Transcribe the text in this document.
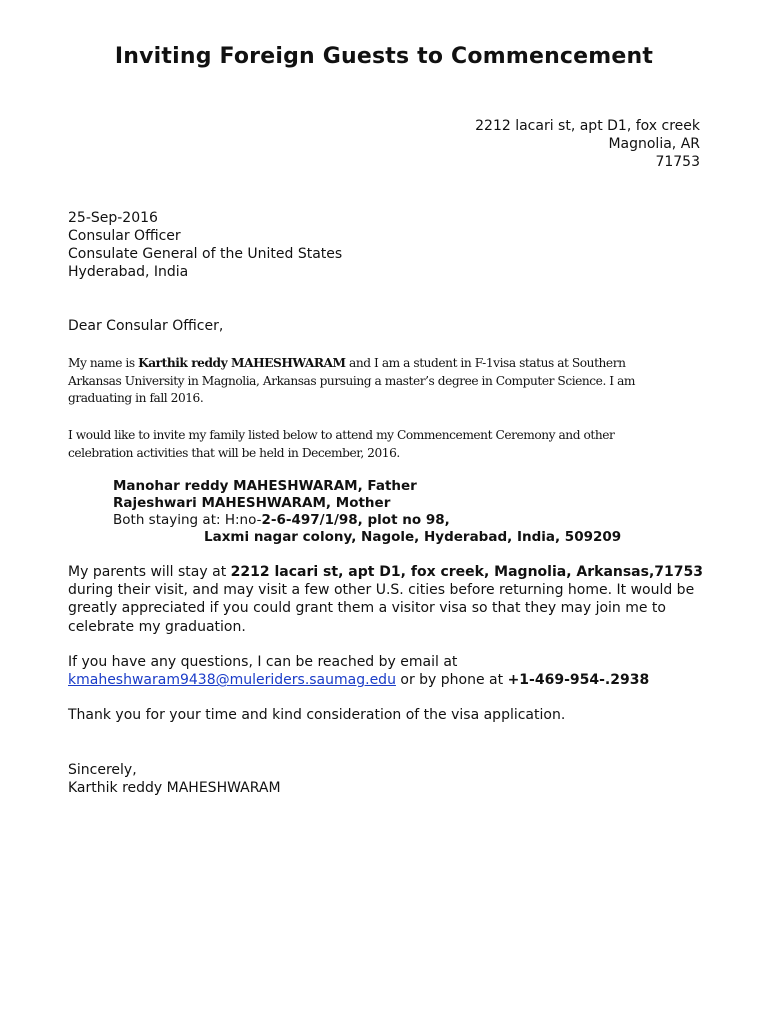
Inviting Foreign Guests to Commencement
2212 lacari st, apt D1, fox creek
Magnolia, AR
71753
25-Sep-2016
Consular Officer
Consulate General of the United States
Hyderabad, India

Dear Consular Officer,

My name is Karthik reddy MAHESHWARAM and I am a student in F-1visa status at Southern Arkansas University in Magnolia, Arkansas pursuing a master’s degree in Computer Science. I am graduating in fall 2016.

I would like to invite my family listed below to attend my Commencement Ceremony and other celebration activities that will be held in December, 2016.

Manohar reddy MAHESHWARAM, Father
Rajeshwari MAHESHWARAM, Mother
Both staying at: H:no-2-6-497/1/98, plot no 98,
Laxmi nagar colony, Nagole, Hyderabad, India, 509209

My parents will stay at 2212 lacari st, apt D1, fox creek, Magnolia, Arkansas,71753 during their visit, and may visit a few other U.S. cities before returning home. It would be greatly appreciated if you could grant them a visitor visa so that they may join me to celebrate my graduation.

If you have any questions, I can be reached by email at
kmaheshwaram9438@muleriders.saumag.edu or by phone at +1-469-954-.2938

Thank you for your time and kind consideration of the visa application.

Sincerely,
Karthik reddy MAHESHWARAM
